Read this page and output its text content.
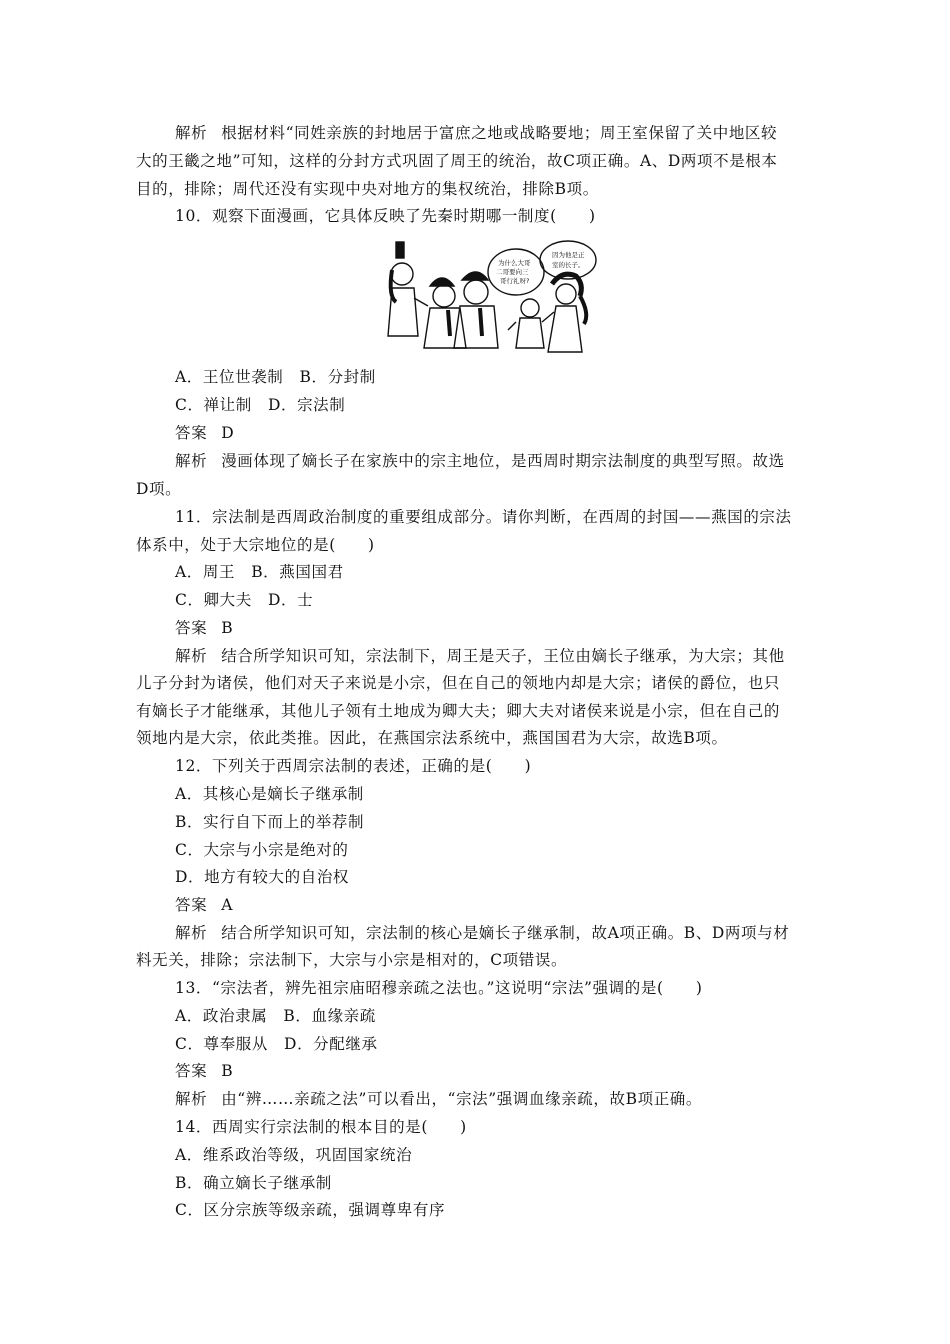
解析 根据材料“同姓亲族的封地居于富庶之地或战略要地；周王室保留了关中地区较
大的王畿之地”可知，这样的分封方式巩固了周王的统治，故C项正确。A、D两项不是根本
目的，排除；周代还没有实现中央对地方的集权统治，排除B项。
10．观察下面漫画，它具体反映了先秦时期哪一制度(　　)
为什么大哥
二哥要向三
哥行礼呀?
因为他是正
室的长子。
A．王位世袭制　B．分封制
C．禅让制　D．宗法制
答案 D
解析 漫画体现了嫡长子在家族中的宗主地位，是西周时期宗法制度的典型写照。故选
D项。
11．宗法制是西周政治制度的重要组成部分。请你判断，在西周的封国——燕国的宗法
体系中，处于大宗地位的是(　　)
A．周王　B．燕国国君
C．卿大夫　D．士
答案 B
解析 结合所学知识可知，宗法制下，周王是天子，王位由嫡长子继承，为大宗；其他
儿子分封为诸侯，他们对天子来说是小宗，但在自己的领地内却是大宗；诸侯的爵位，也只
有嫡长子才能继承，其他儿子领有土地成为卿大夫；卿大夫对诸侯来说是小宗，但在自己的
领地内是大宗，依此类推。因此，在燕国宗法系统中，燕国国君为大宗，故选B项。
12．下列关于西周宗法制的表述，正确的是(　　)
A．其核心是嫡长子继承制
B．实行自下而上的举荐制
C．大宗与小宗是绝对的
D．地方有较大的自治权
答案 A
解析 结合所学知识可知，宗法制的核心是嫡长子继承制，故A项正确。B、D两项与材
料无关，排除；宗法制下，大宗与小宗是相对的，C项错误。
13．“宗法者，辨先祖宗庙昭穆亲疏之法也。”这说明“宗法”强调的是(　　)
A．政治隶属　B．血缘亲疏
C．尊奉服从　D．分配继承
答案 B
解析 由“辨……亲疏之法”可以看出，“宗法”强调血缘亲疏，故B项正确。
14．西周实行宗法制的根本目的是(　　)
A．维系政治等级，巩固国家统治
B．确立嫡长子继承制
C．区分宗族等级亲疏，强调尊卑有序
